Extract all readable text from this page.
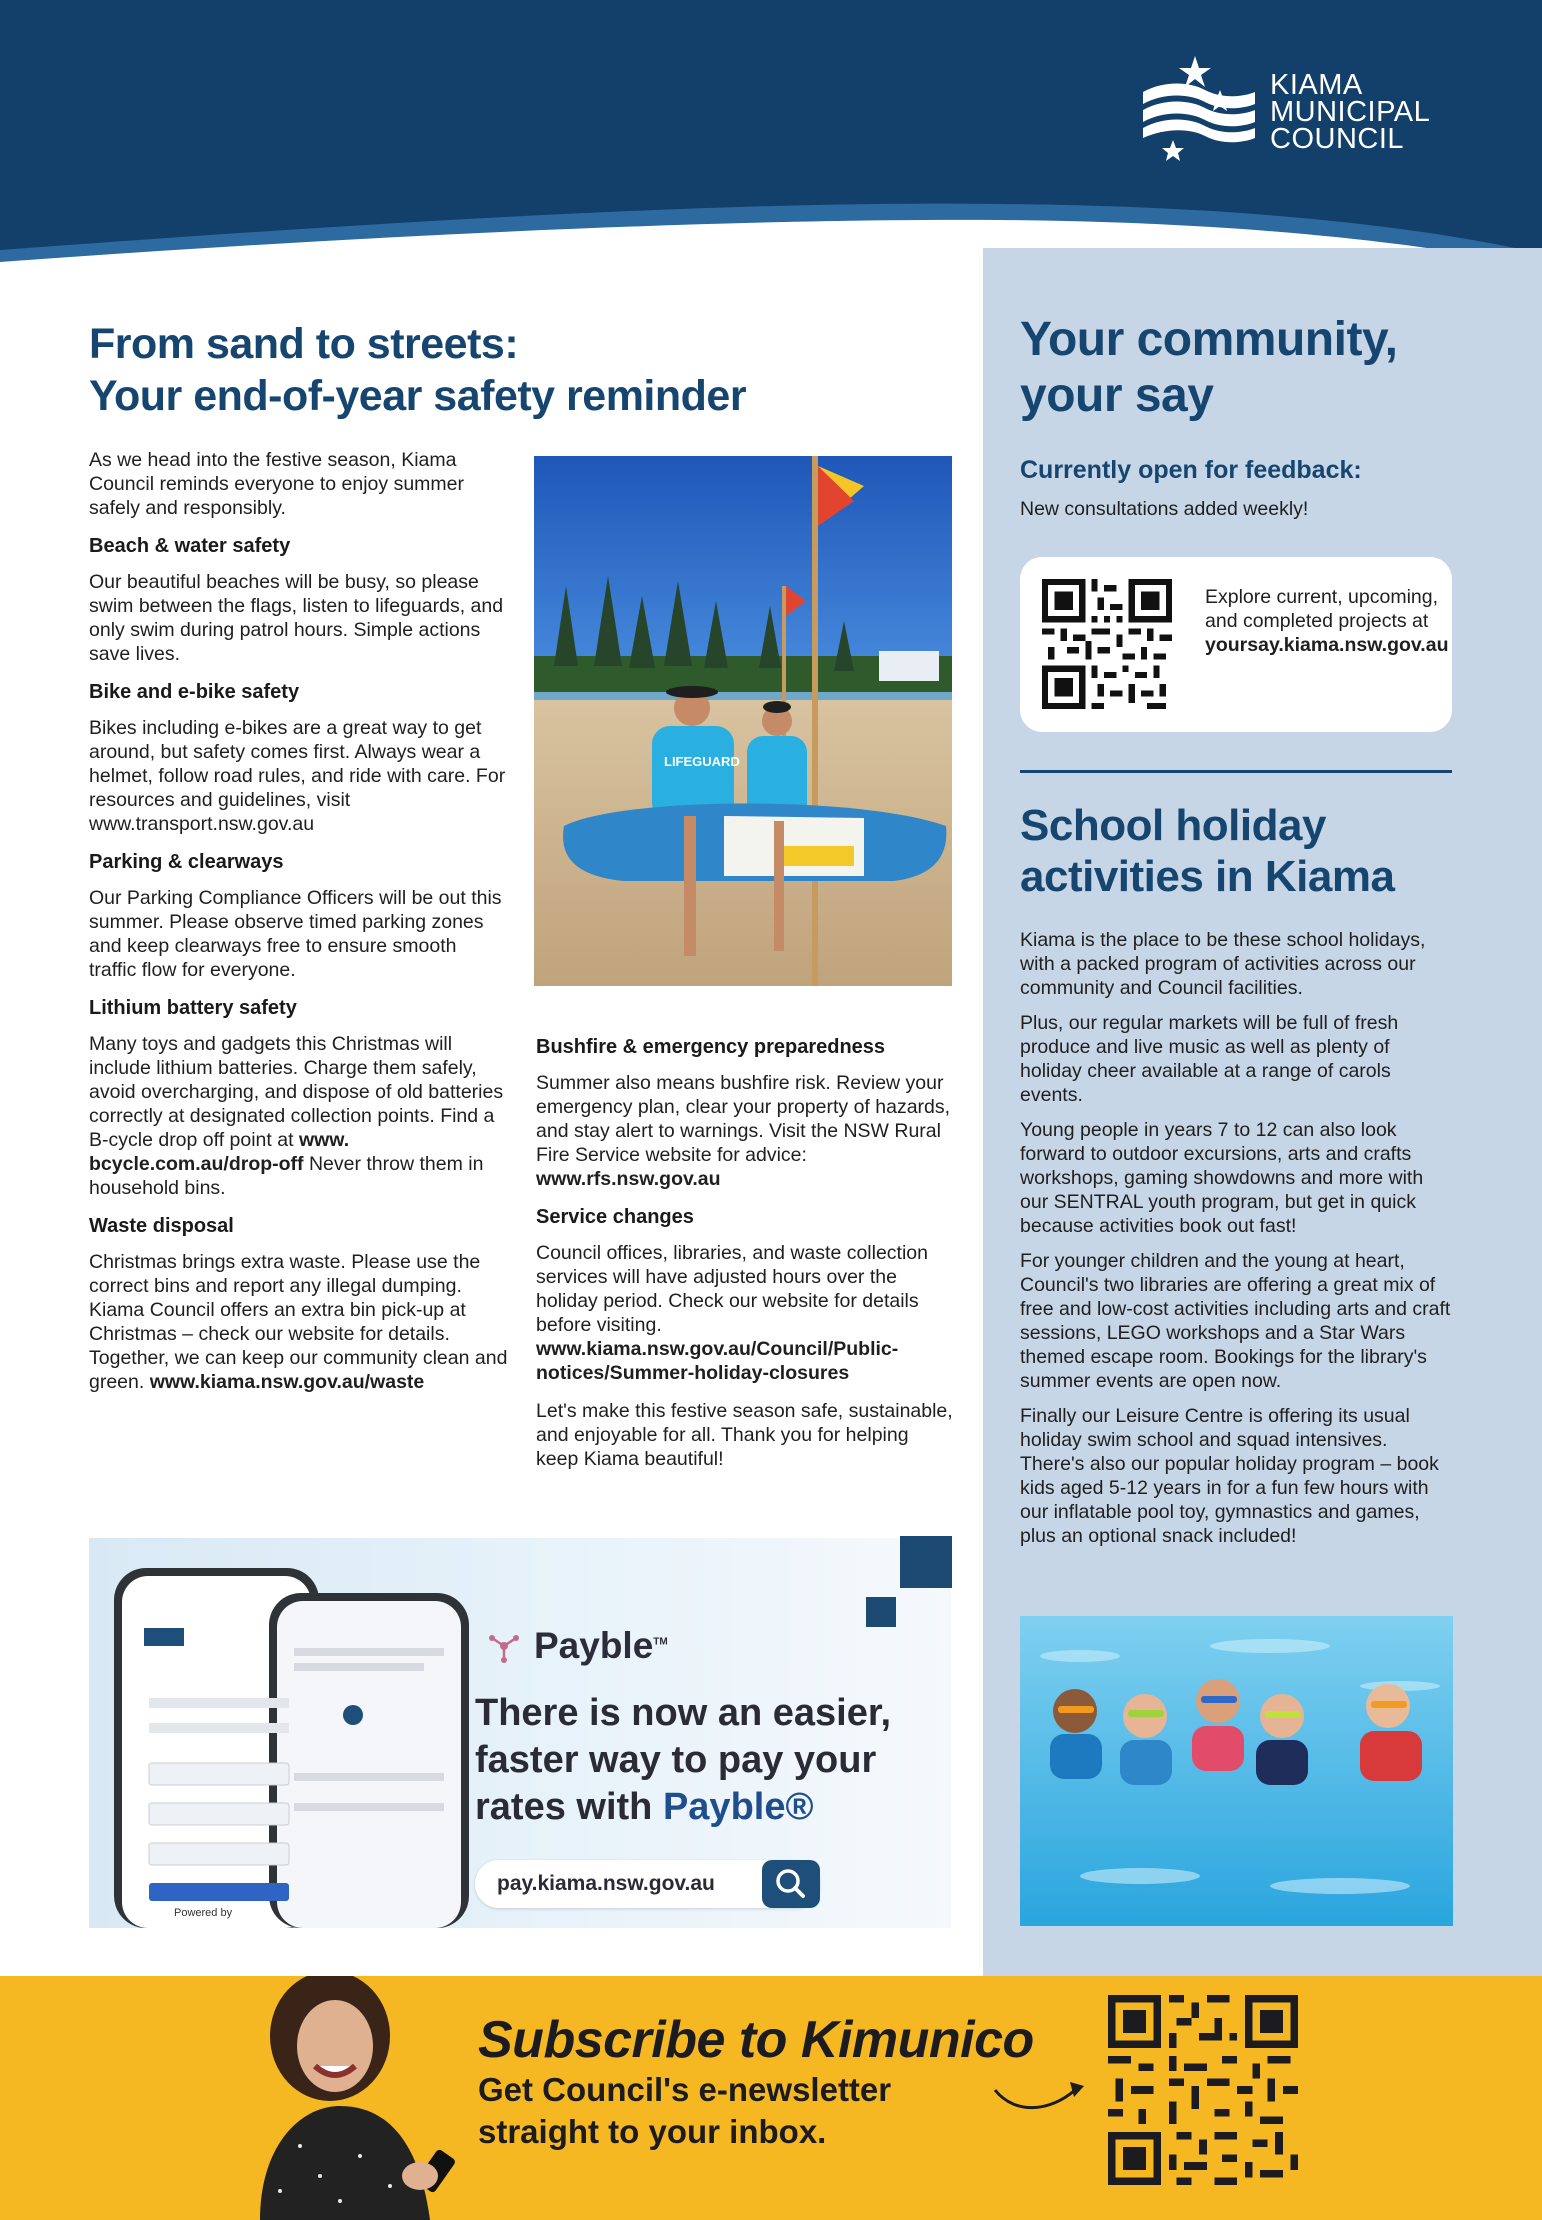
KIAMA
MUNICIPAL
COUNCIL
From sand to streets:
Your end-of-year safety reminder

As we head into the festive season, Kiama Council reminds everyone to enjoy summer safely and responsibly.

Beach & water safety

Our beautiful beaches will be busy, so please swim between the flags, listen to lifeguards, and only swim during patrol hours. Simple actions save lives.

Bike and e-bike safety

Bikes including e-bikes are a great way to get around, but safety comes first. Always wear a helmet, follow road rules, and ride with care. For resources and guidelines, visit www.transport.nsw.gov.au

Parking & clearways

Our Parking Compliance Officers will be out this summer. Please observe timed parking zones and keep clearways free to ensure smooth traffic flow for everyone.

Lithium battery safety

Many toys and gadgets this Christmas will include lithium batteries. Charge them safely, avoid overcharging, and dispose of old batteries correctly at designated collection points. Find a B-cycle drop off point at www. bcycle.com.au/drop-off Never throw them in household bins.

Waste disposal

Christmas brings extra waste. Please use the correct bins and report any illegal dumping. Kiama Council offers an extra bin pick-up at Christmas – check our website for details. Together, we can keep our community clean and green. www.kiama.nsw.gov.au/waste

LIFEGUARD
Bushfire & emergency preparedness

Summer also means bushfire risk. Review your emergency plan, clear your property of hazards, and stay alert to warnings. Visit the NSW Rural Fire Service website for advice: www.rfs.nsw.gov.au

Service changes

Council offices, libraries, and waste collection services will have adjusted hours over the holiday period. Check our website for details before visiting. www.kiama.nsw.gov.au/Council/Public-notices/Summer-holiday-closures

Let's make this festive season safe, sustainable, and enjoyable for all. Thank you for helping keep Kiama beautiful!

Powered by
Payble™
There is now an easier, faster way to pay your rates with Payble®
pay.kiama.nsw.gov.au
Your community,
your say
Currently open for feedback:
New consultations added weekly!
Explore current, upcoming, and completed projects at yoursay.kiama.nsw.gov.au
School holiday
activities in Kiama

Kiama is the place to be these school holidays, with a packed program of activities across our community and Council facilities.

Plus, our regular markets will be full of fresh produce and live music as well as plenty of holiday cheer available at a range of carols events.

Young people in years 7 to 12 can also look forward to outdoor excursions, arts and crafts workshops, gaming showdowns and more with our SENTRAL youth program, but get in quick because activities book out fast!

For younger children and the young at heart, Council's two libraries are offering a great mix of free and low-cost activities including arts and craft sessions, LEGO workshops and a Star Wars themed escape room. Bookings for the library's summer events are open now.

Finally our Leisure Centre is offering its usual holiday swim school and squad intensives. There's also our popular holiday program – book kids aged 5-12 years in for a fun few hours with our inflatable pool toy, gymnastics and games, plus an optional snack included!

Subscribe to Kimunico
Get Council's e-newsletter
straight to your inbox.
